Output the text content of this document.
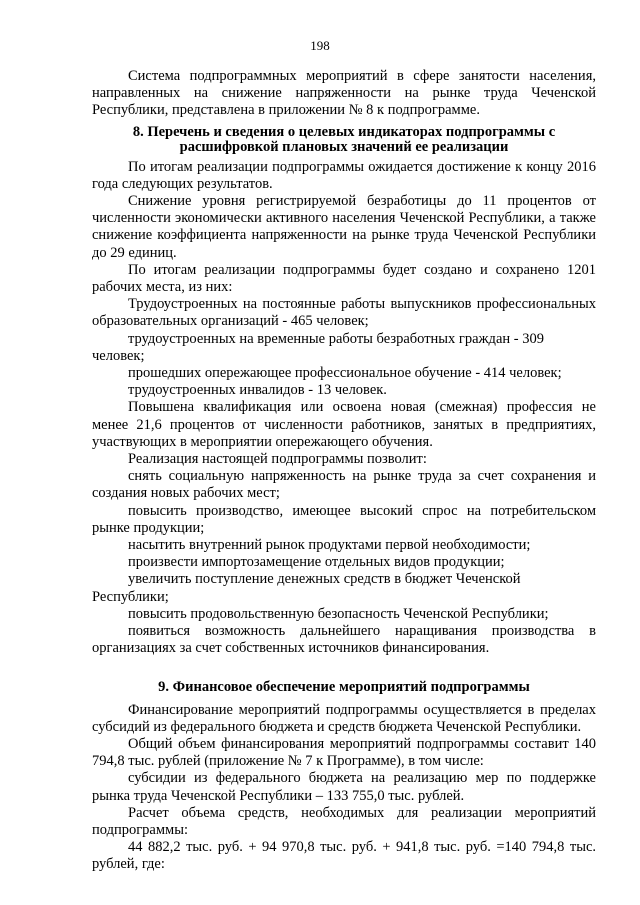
198

Система подпрограммных мероприятий в сфере занятости населения, направленных на снижение напряженности на рынке труда Чеченской Республики, представлена в приложении № 8 к подпрограмме.

8. Перечень и сведения о целевых индикаторах подпрограммы с расшифровкой плановых значений ее реализации

По итогам реализации подпрограммы ожидается достижение к концу 2016 года следующих результатов.

Снижение уровня регистрируемой безработицы до 11 процентов от численности экономически активного населения Чеченской Республики, а также снижение коэффициента напряженности на рынке труда Чеченской Республики до 29 единиц.

По итогам реализации подпрограммы будет создано и сохранено 1201 рабочих места, из них:

Трудоустроенных на постоянные работы выпускников профессиональных образовательных организаций - 465 человек;

трудоустроенных на временные работы безработных граждан - 309 человек;

прошедших опережающее профессиональное обучение - 414 человек;

трудоустроенных инвалидов - 13 человек.

Повышена квалификация или освоена новая (смежная) профессия не менее 21,6 процентов от численности работников, занятых в предприятиях, участвующих в мероприятии опережающего обучения.

Реализация настоящей подпрограммы позволит:

снять социальную напряженность на рынке труда за счет сохранения и создания новых рабочих мест;

повысить производство, имеющее высокий спрос на потребительском рынке продукции;

насытить внутренний рынок продуктами первой необходимости;

произвести импортозамещение отдельных видов продукции;

увеличить поступление денежных средств в бюджет Чеченской Республики;

повысить продовольственную безопасность Чеченской Республики;

появиться возможность дальнейшего наращивания производства в организациях за счет собственных источников финансирования.

9. Финансовое обеспечение мероприятий подпрограммы

Финансирование мероприятий подпрограммы осуществляется в пределах субсидий из федерального бюджета и средств бюджета Чеченской Республики.

Общий объем финансирования мероприятий подпрограммы составит 140 794,8 тыс. рублей (приложение № 7 к Программе), в том числе:

субсидии из федерального бюджета на реализацию мер по поддержке рынка труда Чеченской Республики – 133 755,0 тыс. рублей.

Расчет объема средств, необходимых для реализации мероприятий подпрограммы:

44 882,2 тыс. руб. + 94 970,8 тыс. руб. + 941,8 тыс. руб. =140 794,8 тыс. рублей, где:
